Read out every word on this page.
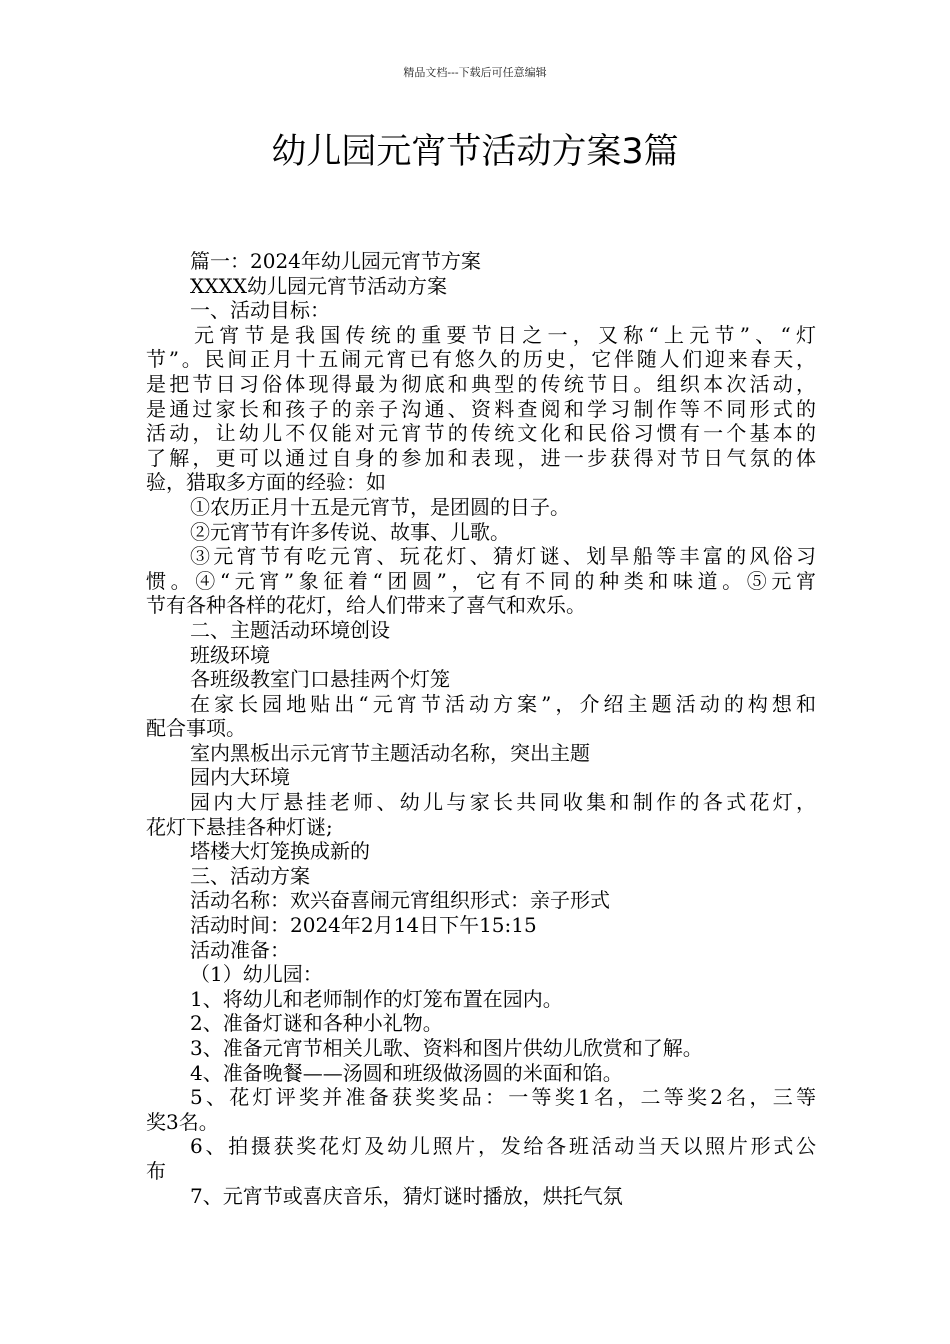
精品文档---下载后可任意编辑
幼儿园元宵节活动方案3篇

篇一：2024年幼儿园元宵节方案

XXXX幼儿园元宵节活动方案

一、活动目标：

元宵节是我国传统的重要节日之一，又称“上元节”、“灯

节”。民间正月十五闹元宵已有悠久的历史，它伴随人们迎来春天，

是把节日习俗体现得最为彻底和典型的传统节日。组织本次活动，

是通过家长和孩子的亲子沟通、资料查阅和学习制作等不同形式的

活动，让幼儿不仅能对元宵节的传统文化和民俗习惯有一个基本的

了解，更可以通过自身的参加和表现，进一步获得对节日气氛的体

验，猎取多方面的经验：如

①农历正月十五是元宵节，是团圆的日子。

②元宵节有许多传说、故事、儿歌。

③元宵节有吃元宵、玩花灯、猜灯谜、划旱船等丰富的风俗习

惯。④“元宵”象征着“团圆”，它有不同的种类和味道。⑤元宵

节有各种各样的花灯，给人们带来了喜气和欢乐。

二、主题活动环境创设

班级环境

各班级教室门口悬挂两个灯笼

在家长园地贴出“元宵节活动方案”，介绍主题活动的构想和

配合事项。

室内黑板出示元宵节主题活动名称，突出主题

园内大环境

园内大厅悬挂老师、幼儿与家长共同收集和制作的各式花灯，

花灯下悬挂各种灯谜;

塔楼大灯笼换成新的

三、活动方案

活动名称：欢兴奋喜闹元宵组织形式：亲子形式

活动时间：2024年2月14日下午15:15

活动准备：

（1）幼儿园：

1、将幼儿和老师制作的灯笼布置在园内。

2、准备灯谜和各种小礼物。

3、准备元宵节相关儿歌、资料和图片供幼儿欣赏和了解。

4、准备晚餐——汤圆和班级做汤圆的米面和馅。

5、花灯评奖并准备获奖奖品：一等奖1名，二等奖2名，三等

奖3名。

6、拍摄获奖花灯及幼儿照片，发给各班活动当天以照片形式公

布

7、元宵节或喜庆音乐，猜灯谜时播放，烘托气氛
